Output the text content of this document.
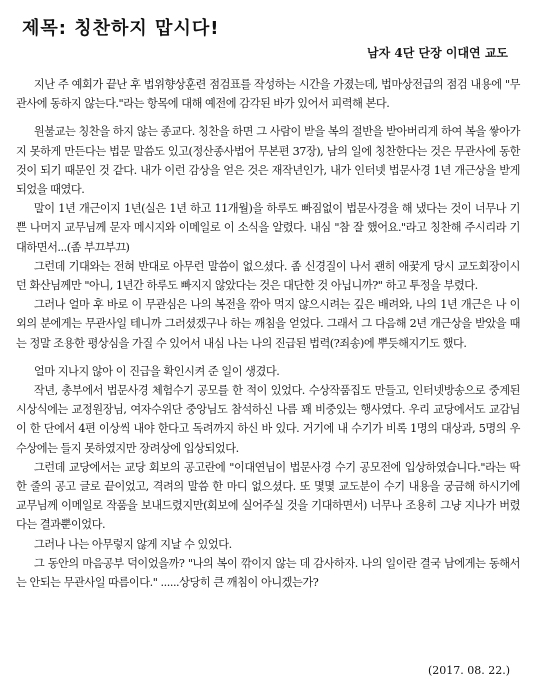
제목: 칭찬하지 맙시다!
남자 4단 단장 이대연 교도

지난 주 예회가 끝난 후 법위향상훈련 점검표를 작성하는 시간을 가졌는데, 법마상전급의 점검 내용에 "무관사에 동하지 않는다."라는 항목에 대해 예전에 감각된 바가 있어서 피력해 본다.

원불교는 칭찬을 하지 않는 종교다. 칭찬을 하면 그 사람이 받을 복의 절반을 받아버리게 하여 복을 쌓아가지 못하게 만든다는 법문 말씀도 있고(정산종사법어 무본편 37장), 남의 일에 칭찬한다는 것은 무관사에 동한 것이 되기 때문인 것 같다. 내가 이런 감상을 얻은 것은 재작년인가, 내가 인터넷 법문사경 1년 개근상을 받게 되었을 때였다.

말이 1년 개근이지 1년(실은 1년 하고 11개월)을 하루도 빠짐없이 법문사경을 해 냈다는 것이 너무나 기쁜 나머지 교무님께 문자 메시지와 이메일로 이 소식을 알렸다. 내심 "참 잘 했어요."라고 칭찬해 주시리라 기대하면서...(좀 부끄부끄)

그런데 기대와는 전혀 반대로 아무런 말씀이 없으셨다. 좀 신경질이 나서 괜히 애꿎게 당시 교도회장이시던 화산님께만 "아니, 1년간 하루도 빠지지 않았다는 것은 대단한 것 아닙니까?" 하고 투정을 부렸다.

그러나 얼마 후 바로 이 무관심은 나의 복전을 깎아 먹지 않으시려는 깊은 배려와, 나의 1년 개근은 나 이외의 분에게는 무관사일 테니까 그러셨겠구나 하는 깨침을 얻었다. 그래서 그 다음해 2년 개근상을 받았을 때는 정말 조용한 평상심을 가질 수 있어서 내심 나는 나의 진급된 법력(?죄송)에 뿌듯해지기도 했다.

얼마 지나지 않아 이 진급을 확인시켜 준 일이 생겼다.

작년, 총부에서 법문사경 체험수기 공모를 한 적이 있었다. 수상작품집도 만들고, 인터넷방송으로 중계된 시상식에는 교정원장님, 여자수위단 중앙님도 참석하신 나름 꽤 비중있는 행사였다. 우리 교당에서도 교감님이 한 단에서 4편 이상씩 내야 한다고 독려까지 하신 바 있다. 거기에 내 수기가 비록 1명의 대상과, 5명의 우수상에는 들지 못하였지만 장려상에 입상되었다.

그런데 교당에서는 교당 회보의 공고란에 "이대연님이 법문사경 수기 공모전에 입상하였습니다."라는 딱 한 줄의 공고 글로 끝이었고, 격려의 말씀 한 마디 없으셨다. 또 몇몇 교도분이 수기 내용을 궁금해 하시기에 교무님께 이메일로 작품을 보내드렸지만(회보에 실어주실 것을 기대하면서) 너무나 조용히 그냥 지나가 버렸다는 결과뿐이었다.

그러나 나는 아무렇지 않게 지날 수 있었다.

그 동안의 마음공부 덕이었을까? "나의 복이 깎이지 않는 데 감사하자. 나의 일이란 결국 남에게는 동해서는 안되는 무관사일 따름이다." ......상당히 큰 깨침이 아니겠는가?

(2017. 08. 22.)
